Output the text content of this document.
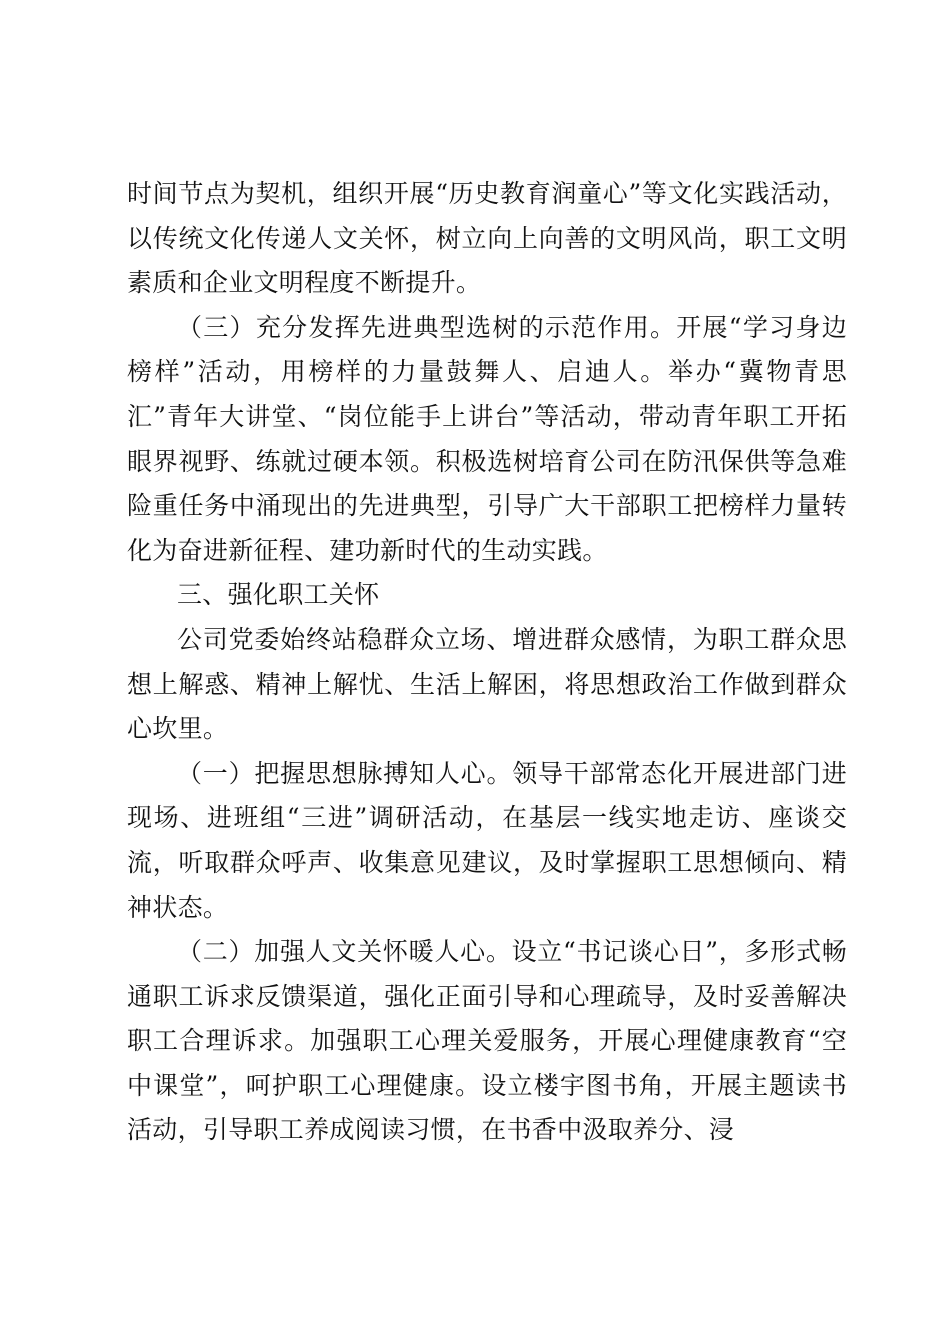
时间节点为契机，组织开展“历史教育润童心”等文化实践活动，以传统文化传递人文关怀，树立向上向善的文明风尚，职工文明素质和企业文明程度不断提升。

（三）充分发挥先进典型选树的示范作用。开展“学习身边榜样”活动，用榜样的力量鼓舞人、启迪人。举办“冀物青思汇”青年大讲堂、“岗位能手上讲台”等活动，带动青年职工开拓眼界视野、练就过硬本领。积极选树培育公司在防汛保供等急难险重任务中涌现出的先进典型，引导广大干部职工把榜样力量转化为奋进新征程、建功新时代的生动实践。

三、强化职工关怀

公司党委始终站稳群众立场、增进群众感情，为职工群众思想上解惑、精神上解忧、生活上解困，将思想政治工作做到群众心坎里。

（一）把握思想脉搏知人心。领导干部常态化开展进部门进现场、进班组“三进”调研活动，在基层一线实地走访、座谈交流，听取群众呼声、收集意见建议，及时掌握职工思想倾向、精神状态。

（二）加强人文关怀暖人心。设立“书记谈心日”，多形式畅通职工诉求反馈渠道，强化正面引导和心理疏导，及时妥善解决职工合理诉求。加强职工心理关爱服务，开展心理健康教育“空中课堂”，呵护职工心理健康。设立楼宇图书角，开展主题读书活动，引导职工养成阅读习惯，在书香中汲取养分、浸
